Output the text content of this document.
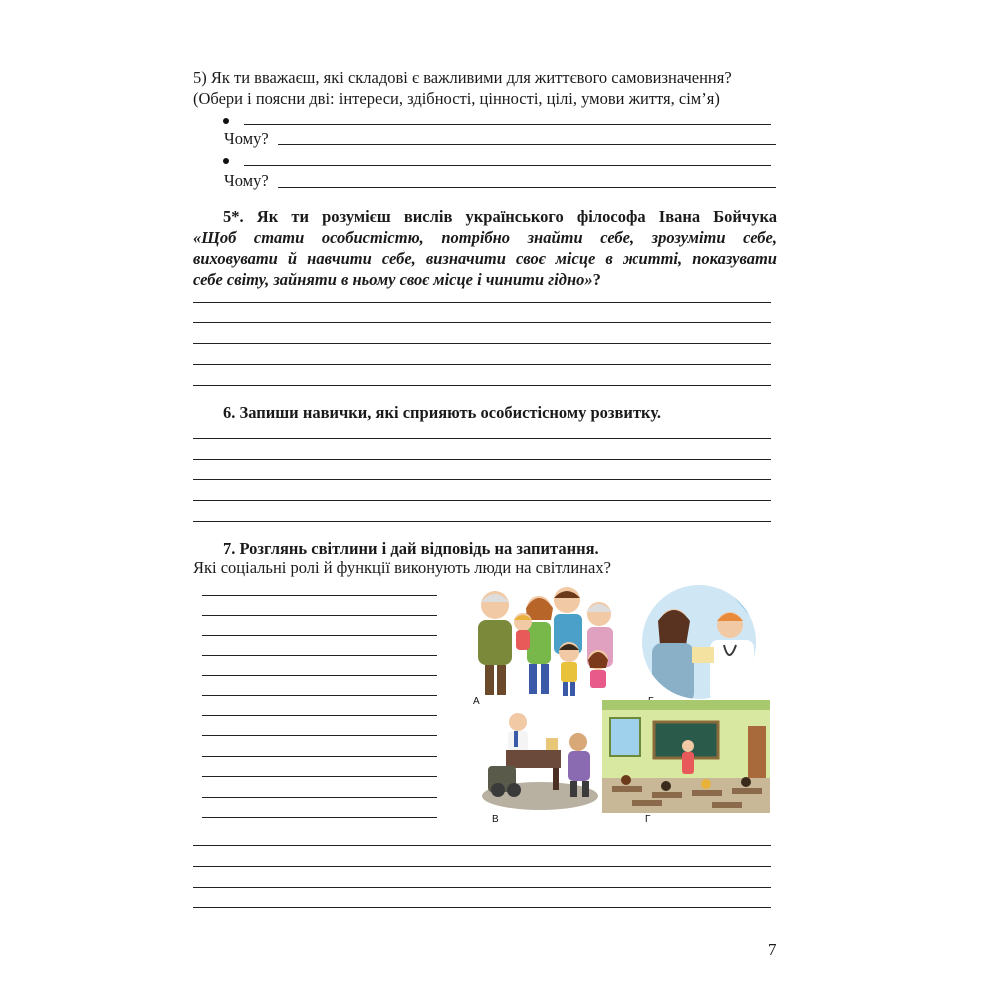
5) Як ти вважаєш, які складові є важливими для життєвого самовизначення?
(Обери і поясни дві: інтереси, здібності, цінності, цілі, умови життя, сім’я)
Чому?
Чому?
5*. Як ти розумієш вислів українського філософа Івана Бойчука
«Щоб стати особистістю, потрібно знайти себе, зрозуміти себе,
виховувати й навчити себе, визначити своє місце в житті, показувати
себе світу, зайняти в ньому своє місце і чинити гідно»?
6. Запиши навички, які сприяють особистісному розвитку.
7. Розглянь світлини і дай відповідь на запитання.
Які соціальні ролі й функції виконують люди на світлинах?
А
В	Г
7
